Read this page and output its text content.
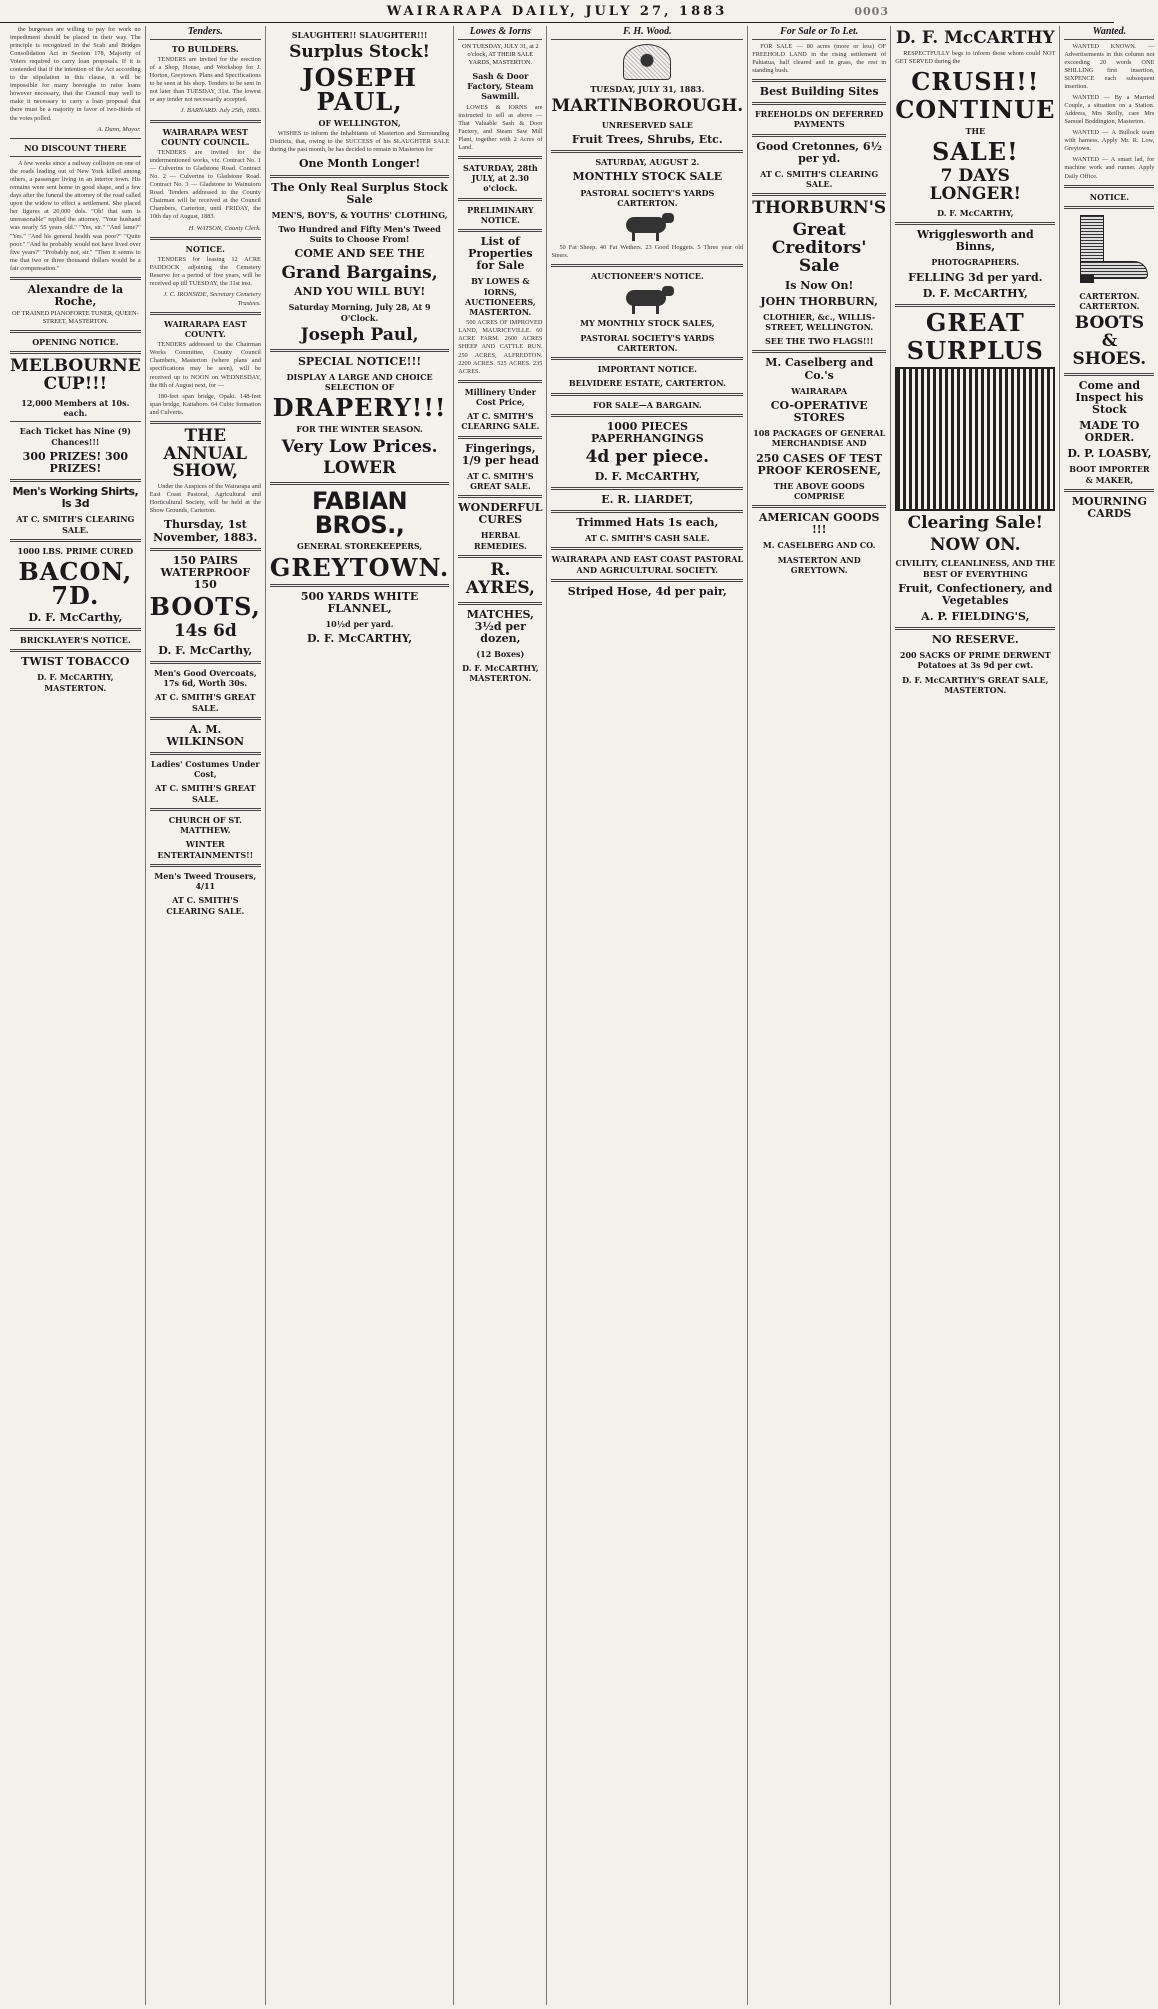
WAIRARAPA DAILY, JULY 27, 1883	0003

the burgesses are willing to pay for work no impediment should be placed in their way. The principle is recognized in the Scab and Bridges Consolidation Act in Section 178, Majority of Voters required to carry loan proposals. If it is contended that if the intention of the Act according to the stipulation in this clause, it will be impossible for many boroughs to raise loans however necessary, that the Council may well to make it necessary to carry a loan proposal that there must be a majority in favor of two-thirds of the votes polled.

A. Dunn, Mayor.
NO DISCOUNT THERE

A few weeks since a railway collision on one of the roads leading out of New York killed among others, a passenger living in an interior town. His remains were sent home in good shape, and a few days after the funeral the attorney of the road called upon the widow to effect a settlement. She placed her figures at 20,000 dols. "Oh! that sum is unreasonable" replied the attorney. "Your husband was nearly 55 years old." "Yes, sir." "And lame?" "Yes." "And his general health was poor?" "Quite poor." "And he probably would not have lived over five years?" "Probably not, sir." "Then it seems to me that two or three thousand dollars would be a fair compensation."

Alexandre de la Roche,
OF TRAINED PIANOFORTE TUNER, QUEEN-STREET, MASTERTON.
OPENING NOTICE.
MELBOURNE CUP!!!
12,000 Members at 10s. each.
Each Ticket has Nine (9) Chances!!!
300 PRIZES! 300 PRIZES!
Men's Working Shirts, Is 3d
AT C. SMITH'S CLEARING SALE.
1000 LBS. PRIME CURED
BACON, 7D.
D. F. McCarthy,
BRICKLAYER'S NOTICE.
TWIST TOBACCO
D. F. McCARTHY, MASTERTON.
Tenders.
TO BUILDERS.

TENDERS are invited for the erection of a Shop, House, and Workshop for J. Horton, Greytown. Plans and Specifications to be seen at his shop. Tenders to be sent in not later than TUESDAY, 31st. The lowest or any tender not necessarily accepted.

J. BARNARD. July 25th, 1883.
WAIRARAPA WEST COUNTY COUNCIL.

TENDERS are invited for the undermentioned works, viz. Contract No. 1 — Culverins to Gladstone Road. Contract No. 2 — Culverins to Gladstone Road. Contract No. 3 — Gladstone to Wainuioru Road. Tenders addressed to the County Chairman will be received at the Council Chambers, Carterton, until FRIDAY, the 10th day of August, 1883.

H. WATSON, County Clerk.
NOTICE.

TENDERS for leasing 12 ACRE PADDOCK adjoining the Cemetery Reserve for a period of five years, will be received up till TUESDAY, the 31st inst.

J. C. IRONSIDE, Secretary Cemetery Trustees.
WAIRARAPA EAST COUNTY.

TENDERS addressed to the Chairman Works Committee, County Council Chambers, Masterton (where plans and specifications may be seen), will be received up to NOON on WEDNESDAY, the 8th of August next, for —

180-feet span bridge, Opaki. 148-feet span bridge, Kaitahoro. 64 Cubic formation and Culverts.

THE ANNUAL SHOW,

Under the Auspices of the Wairarapa and East Coast Pastoral, Agricultural and Horticultural Society, will be held at the Show Grounds, Carterton.

Thursday, 1st November, 1883.
150 PAIRS WATERPROOF 150
BOOTS,
14s 6d
D. F. McCarthy,
Men's Good Overcoats, 17s 6d, Worth 30s.
AT C. SMITH'S GREAT SALE.
A. M. WILKINSON
Ladies' Costumes Under Cost,
AT C. SMITH'S GREAT SALE.
CHURCH OF ST. MATTHEW.
WINTER ENTERTAINMENTS!!
Men's Tweed Trousers, 4/11
AT C. SMITH'S CLEARING SALE.
SLAUGHTER!! SLAUGHTER!!!
Surplus Stock!
JOSEPH PAUL,
OF WELLINGTON,

WISHES to inform the Inhabitants of Masterton and Surrounding Districts, that, owing to the SUCCESS of his SLAUGHTER SALE during the past month, he has decided to remain in Masterton for

One Month Longer!
The Only Real Surplus Stock Sale
MEN'S, BOY'S, & YOUTHS' CLOTHING,
Two Hundred and Fifty Men's Tweed Suits to Choose From!
COME AND SEE THE
Grand Bargains,
AND YOU WILL BUY!
Saturday Morning, July 28, At 9 O'Clock.
Joseph Paul,
SPECIAL NOTICE!!!
DISPLAY A LARGE AND CHOICE SELECTION OF
DRAPERY!!!
FOR THE WINTER SEASON.
Very Low Prices.
LOWER
FABIAN BROS.,
GENERAL STOREKEEPERS,
GREYTOWN.
500 YARDS WHITE FLANNEL,
10½d per yard.
D. F. McCARTHY,
Lowes & Iorns
ON TUESDAY, JULY 31, at 2 o'clock, AT THEIR SALE YARDS, MASTERTON.
Sash & Door Factory, Steam Sawmill.

LOWES & IORNS are instructed to sell as above — That Valuable Sash & Door Factory, and Steam Saw Mill Plant, together with 2 Acres of Land.

SATURDAY, 28th JULY, at 2.30 o'clock.
PRELIMINARY NOTICE.
List of Properties for Sale
BY LOWES & IORNS, AUCTIONEERS, MASTERTON.

500 ACRES OF IMPROVED LAND, MAURICEVILLE. 60 ACRE FARM. 2600 ACRES SHEEP AND CATTLE RUN. 250 ACRES, ALFREDTON. 2200 ACRES. 525 ACRES. 235 ACRES.

Millinery Under Cost Price,
AT C. SMITH'S CLEARING SALE.
Fingerings, 1/9 per head
AT C. SMITH'S GREAT SALE.
WONDERFUL CURES
HERBAL REMEDIES.
R. AYRES,
MATCHES, 3½d per dozen,
(12 Boxes)
D. F. McCARTHY, MASTERTON.
F. H. Wood.
TUESDAY, JULY 31, 1883.
MARTINBOROUGH.
UNRESERVED SALE
Fruit Trees, Shrubs, Etc.
SATURDAY, AUGUST 2.
MONTHLY STOCK SALE
PASTORAL SOCIETY'S YARDS CARTERTON.

50 Fat Sheep. 40 Fat Wethers. 23 Good Hoggets. 5 Three year old Steers.

AUCTIONEER'S NOTICE.
MY MONTHLY STOCK SALES,
PASTORAL SOCIETY'S YARDS CARTERTON.
IMPORTANT NOTICE.
BELVIDERE ESTATE, CARTERTON.
FOR SALE—A BARGAIN.
1000 PIECES PAPERHANGINGS
4d per piece.
D. F. McCARTHY,
E. R. LIARDET,
Trimmed Hats 1s each,
AT C. SMITH'S CASH SALE.
WAIRARAPA AND EAST COAST PASTORAL AND AGRICULTURAL SOCIETY.
Striped Hose, 4d per pair,
For Sale or To Let.

FOR SALE — 80 acres (more or less) OF FREEHOLD LAND in the rising settlement of Pahiatua, half cleared and in grass, the rest in standing bush.

Best Building Sites
FREEHOLDS ON DEFERRED PAYMENTS
Good Cretonnes, 6½ per yd.
AT C. SMITH'S CLEARING SALE.
THORBURN'S
Great Creditors' Sale
Is Now On!
JOHN THORBURN,
CLOTHIER, &c., WILLIS-STREET, WELLINGTON.
SEE THE TWO FLAGS!!!
M. Caselberg and Co.'s
WAIRARAPA
CO-OPERATIVE STORES
108 PACKAGES OF GENERAL MERCHANDISE AND
250 CASES OF TEST PROOF KEROSENE,
THE ABOVE GOODS COMPRISE
AMERICAN GOODS !!!
M. CASELBERG AND CO.
MASTERTON AND GREYTOWN.
D. F. McCARTHY

RESPECTFULLY begs to inform those whom could NOT GET SERVED during the

CRUSH!!
CONTINUE
THE
SALE!
7 DAYS LONGER!
D. F. McCARTHY,
Wrigglesworth and Binns,
PHOTOGRAPHERS.
FELLING 3d per yard.
D. F. McCARTHY,
GREAT
SURPLUS
Clearing Sale!
NOW ON.
CIVILITY, CLEANLINESS, AND THE BEST OF EVERYTHING
Fruit, Confectionery, and Vegetables
A. P. FIELDING'S,
NO RESERVE.
200 SACKS OF PRIME DERWENT Potatoes at 3s 9d per cwt.
D. F. McCARTHY'S GREAT SALE, MASTERTON.
Wanted.

WANTED KNOWN. — Advertisements in this column not exceeding 20 words ONE SHILLING first insertion, SIXPENCE each subsequent insertion.

WANTED — By a Married Couple, a situation on a Station. Address, Mrs Reilly, care Mrs Samuel Boddington, Masterton.

WANTED — A Bullock team with harness. Apply Mr. R. Low, Greytown.

WANTED — A smart lad, for machine work and runner. Apply Daily Office.

NOTICE.
CARTERTON. CARTERTON.
BOOTS & SHOES.
Come and Inspect his Stock
MADE TO ORDER.
D. P. LOASBY,
BOOT IMPORTER & MAKER,
MOURNING CARDS
